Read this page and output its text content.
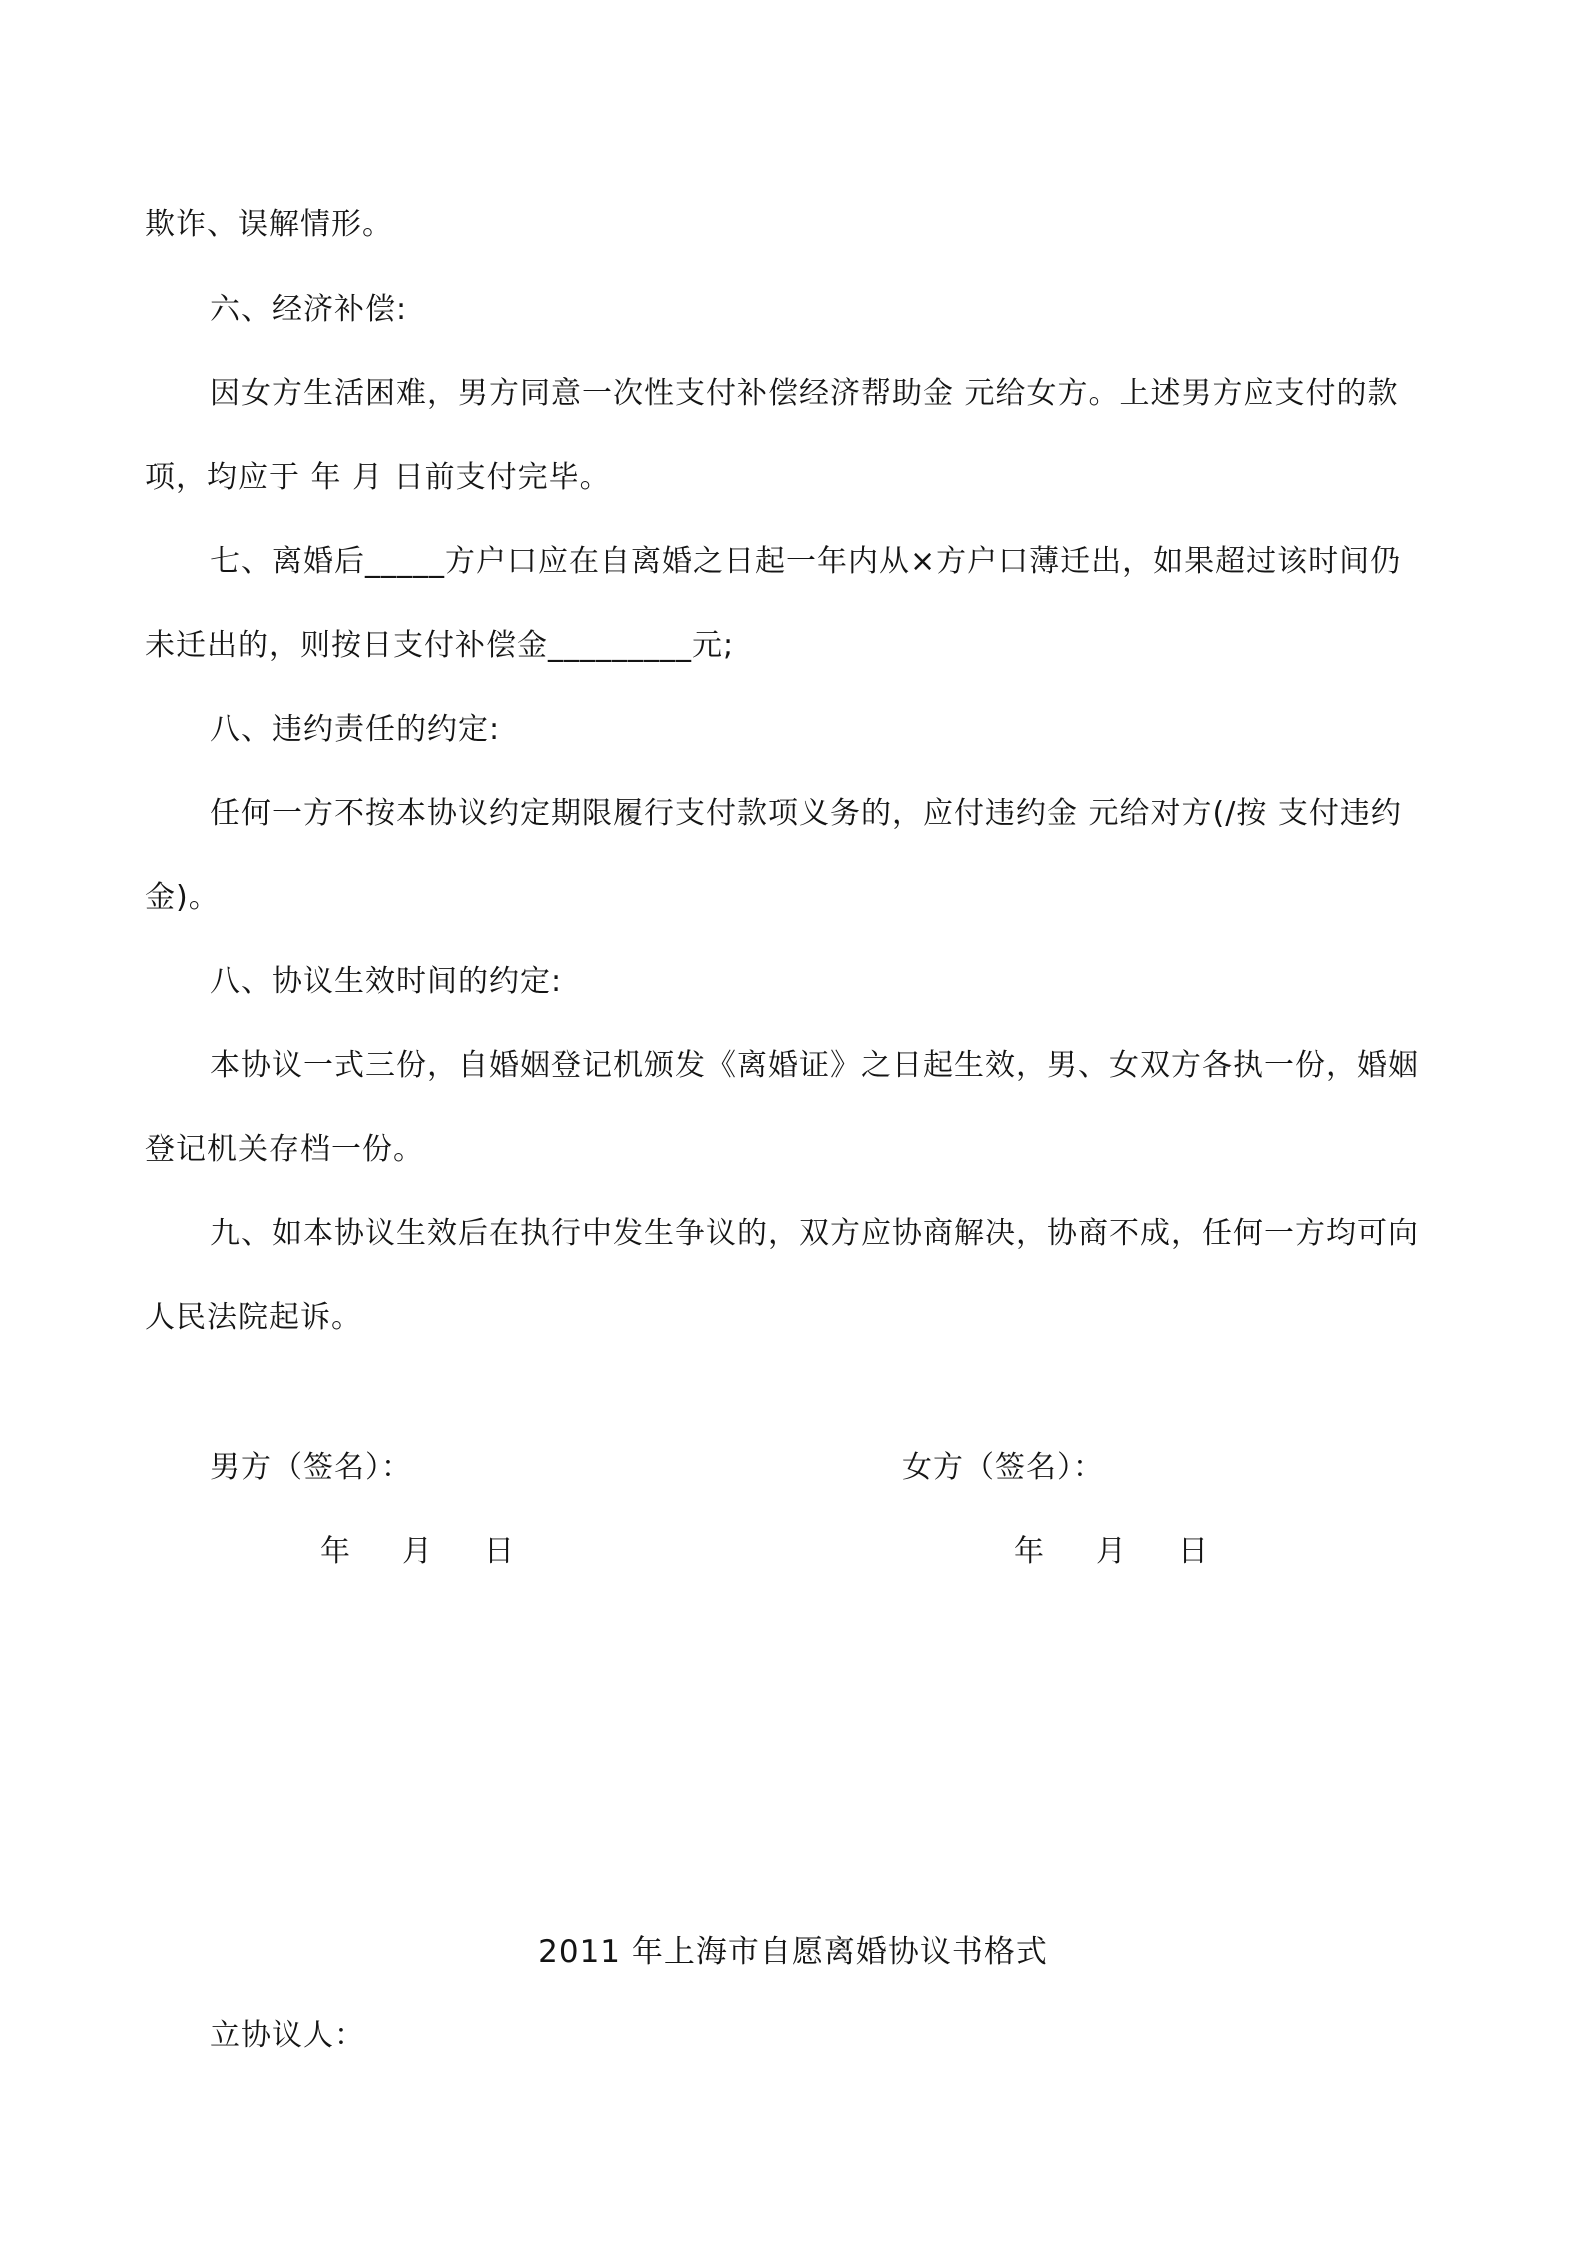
欺诈、误解情形。
六、经济补偿:
因女方生活困难，男方同意一次性支付补偿经济帮助金 元给女方。上述男方应支付的款
项，均应于 年 月 日前支付完毕。
七、离婚后_____方户口应在自离婚之日起一年内从×方户口薄迁出，如果超过该时间仍
未迁出的，则按日支付补偿金_________元;
八、违约责任的约定:
任何一方不按本协议约定期限履行支付款项义务的，应付违约金 元给对方(/按 支付违约
金)。
八、协议生效时间的约定:
本协议一式三份，自婚姻登记机颁发《离婚证》之日起生效，男、女双方各执一份，婚姻
登记机关存档一份。
九、如本协议生效后在执行中发生争议的，双方应协商解决，协商不成，任何一方均可向
人民法院起诉。
男方（签名）：	女方（签名）：
年 月 日	年 月 日
2011 年上海市自愿离婚协议书格式
立协议人：
